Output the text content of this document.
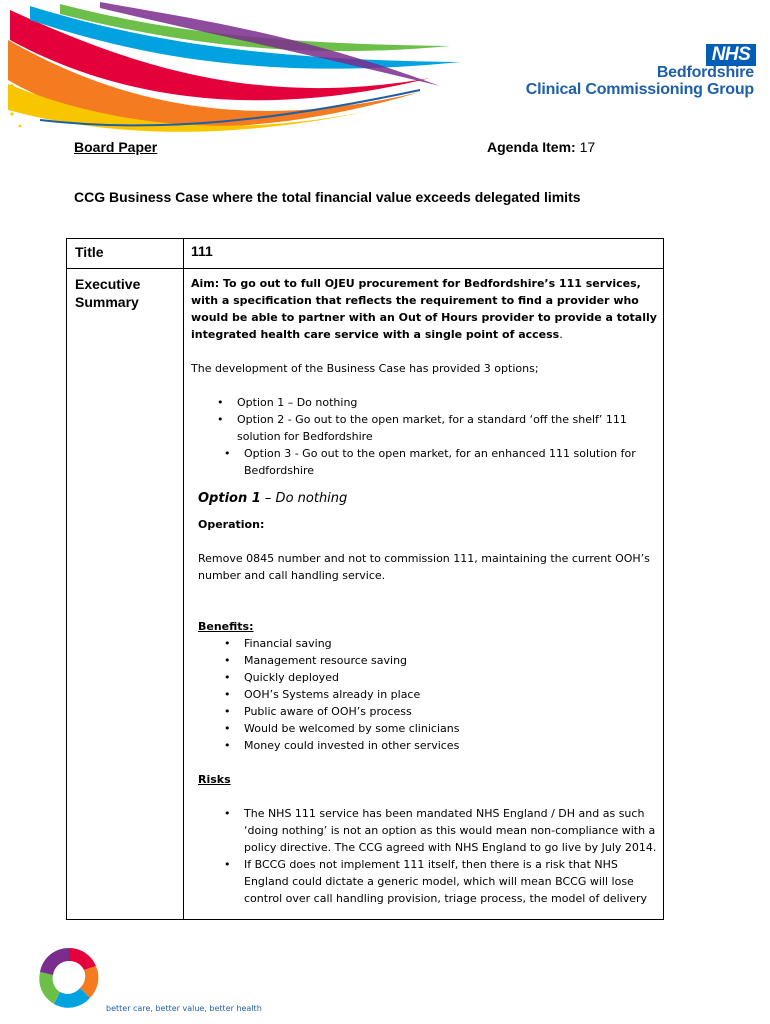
NHS
Bedfordshire
Clinical Commissioning Group
Board Paper	Agenda Item: 17
CCG Business Case where the total financial value exceeds delegated limits
Title	111
Executive Summary

Aim: To go out to full OJEU procurement for Bedfordshire’s 111 services, with a specification that reflects the requirement to find a provider who would be able to partner with an Out of Hours provider to provide a totally integrated health care service with a single point of access.

The development of the Business Case has provided 3 options;

• Option 1 – Do nothing
• Option 2 - Go out to the open market, for a standard ‘off the shelf’ 111 solution for Bedfordshire
• Option 3 - Go out to the open market, for an enhanced 111 solution for Bedfordshire

Option 1 – Do nothing

Operation:

Remove 0845 number and not to commission 111, maintaining the current OOH’s number and call handling service.

Benefits:

• Financial saving
• Management resource saving
• Quickly deployed
• OOH’s Systems already in place
• Public aware of OOH’s process
• Would be welcomed by some clinicians
• Money could invested in other services

Risks

• The NHS 111 service has been mandated NHS England / DH and as such ‘doing nothing’ is not an option as this would mean non-compliance with a policy directive. The CCG agreed with NHS England to go live by July 2014.
• If BCCG does not implement 111 itself, then there is a risk that NHS England could dictate a generic model, which will mean BCCG will lose control over call handling provision, triage process, the model of delivery
better care, better value, better health
